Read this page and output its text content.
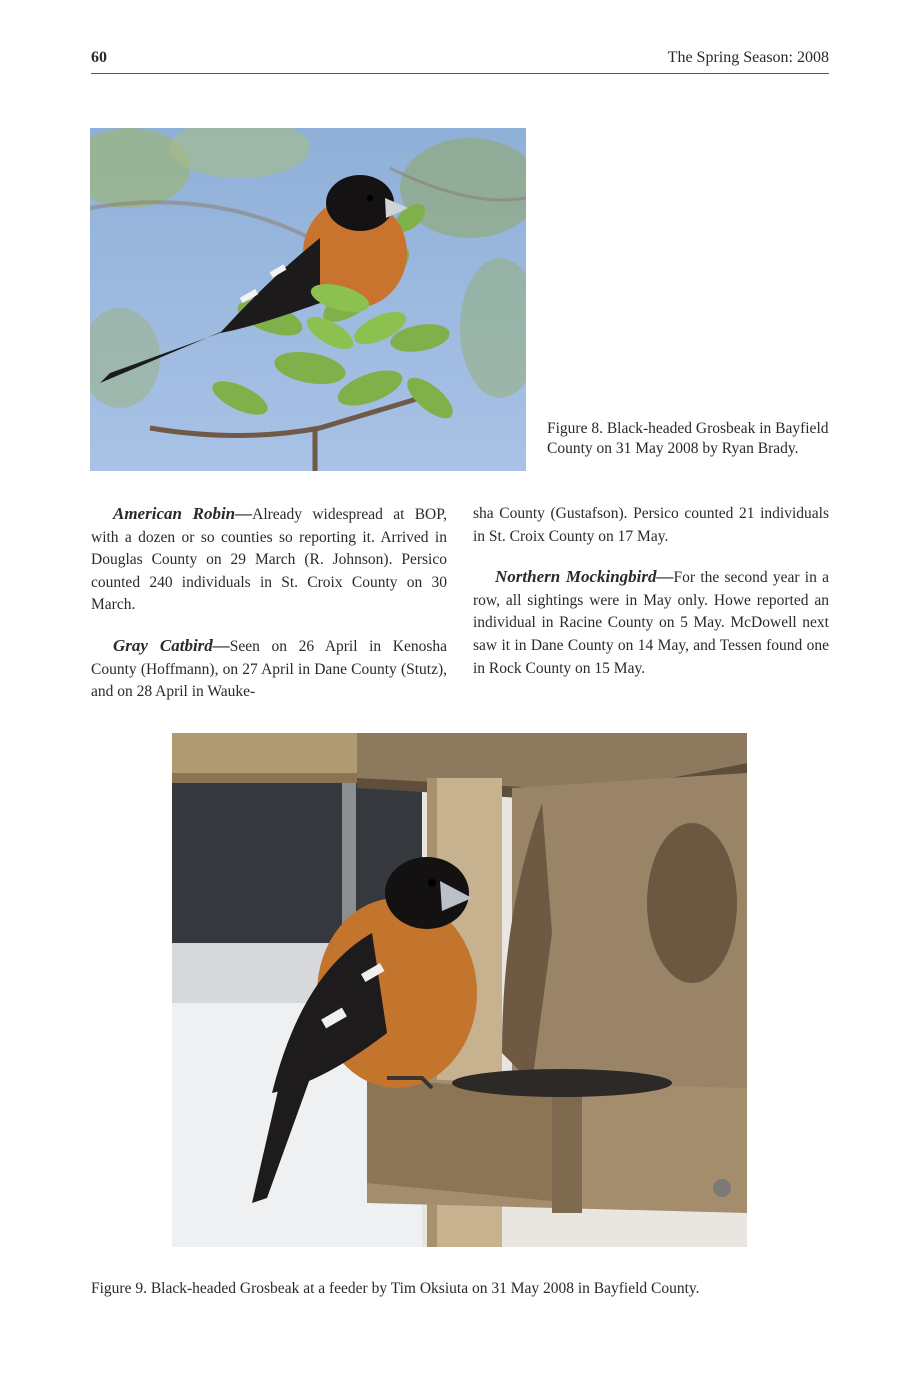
60	The Spring Season: 2008
Figure 8. Black-headed Grosbeak in Bayfield County on 31 May 2008 by Ryan Brady.

American Robin—Already widespread at BOP, with a dozen or so counties so reporting it. Arrived in Douglas County on 29 March (R. Johnson). Persico counted 240 individuals in St. Croix County on 30 March.

Gray Catbird—Seen on 26 April in Kenosha County (Hoffmann), on 27 April in Dane County (Stutz), and on 28 April in Wauke-

sha County (Gustafson). Persico counted 21 individuals in St. Croix County on 17 May.

Northern Mockingbird—For the second year in a row, all sightings were in May only. Howe reported an individual in Racine County on 5 May. McDowell next saw it in Dane County on 14 May, and Tessen found one in Rock County on 15 May.

Figure 9. Black-headed Grosbeak at a feeder by Tim Oksiuta on 31 May 2008 in Bayfield County.
